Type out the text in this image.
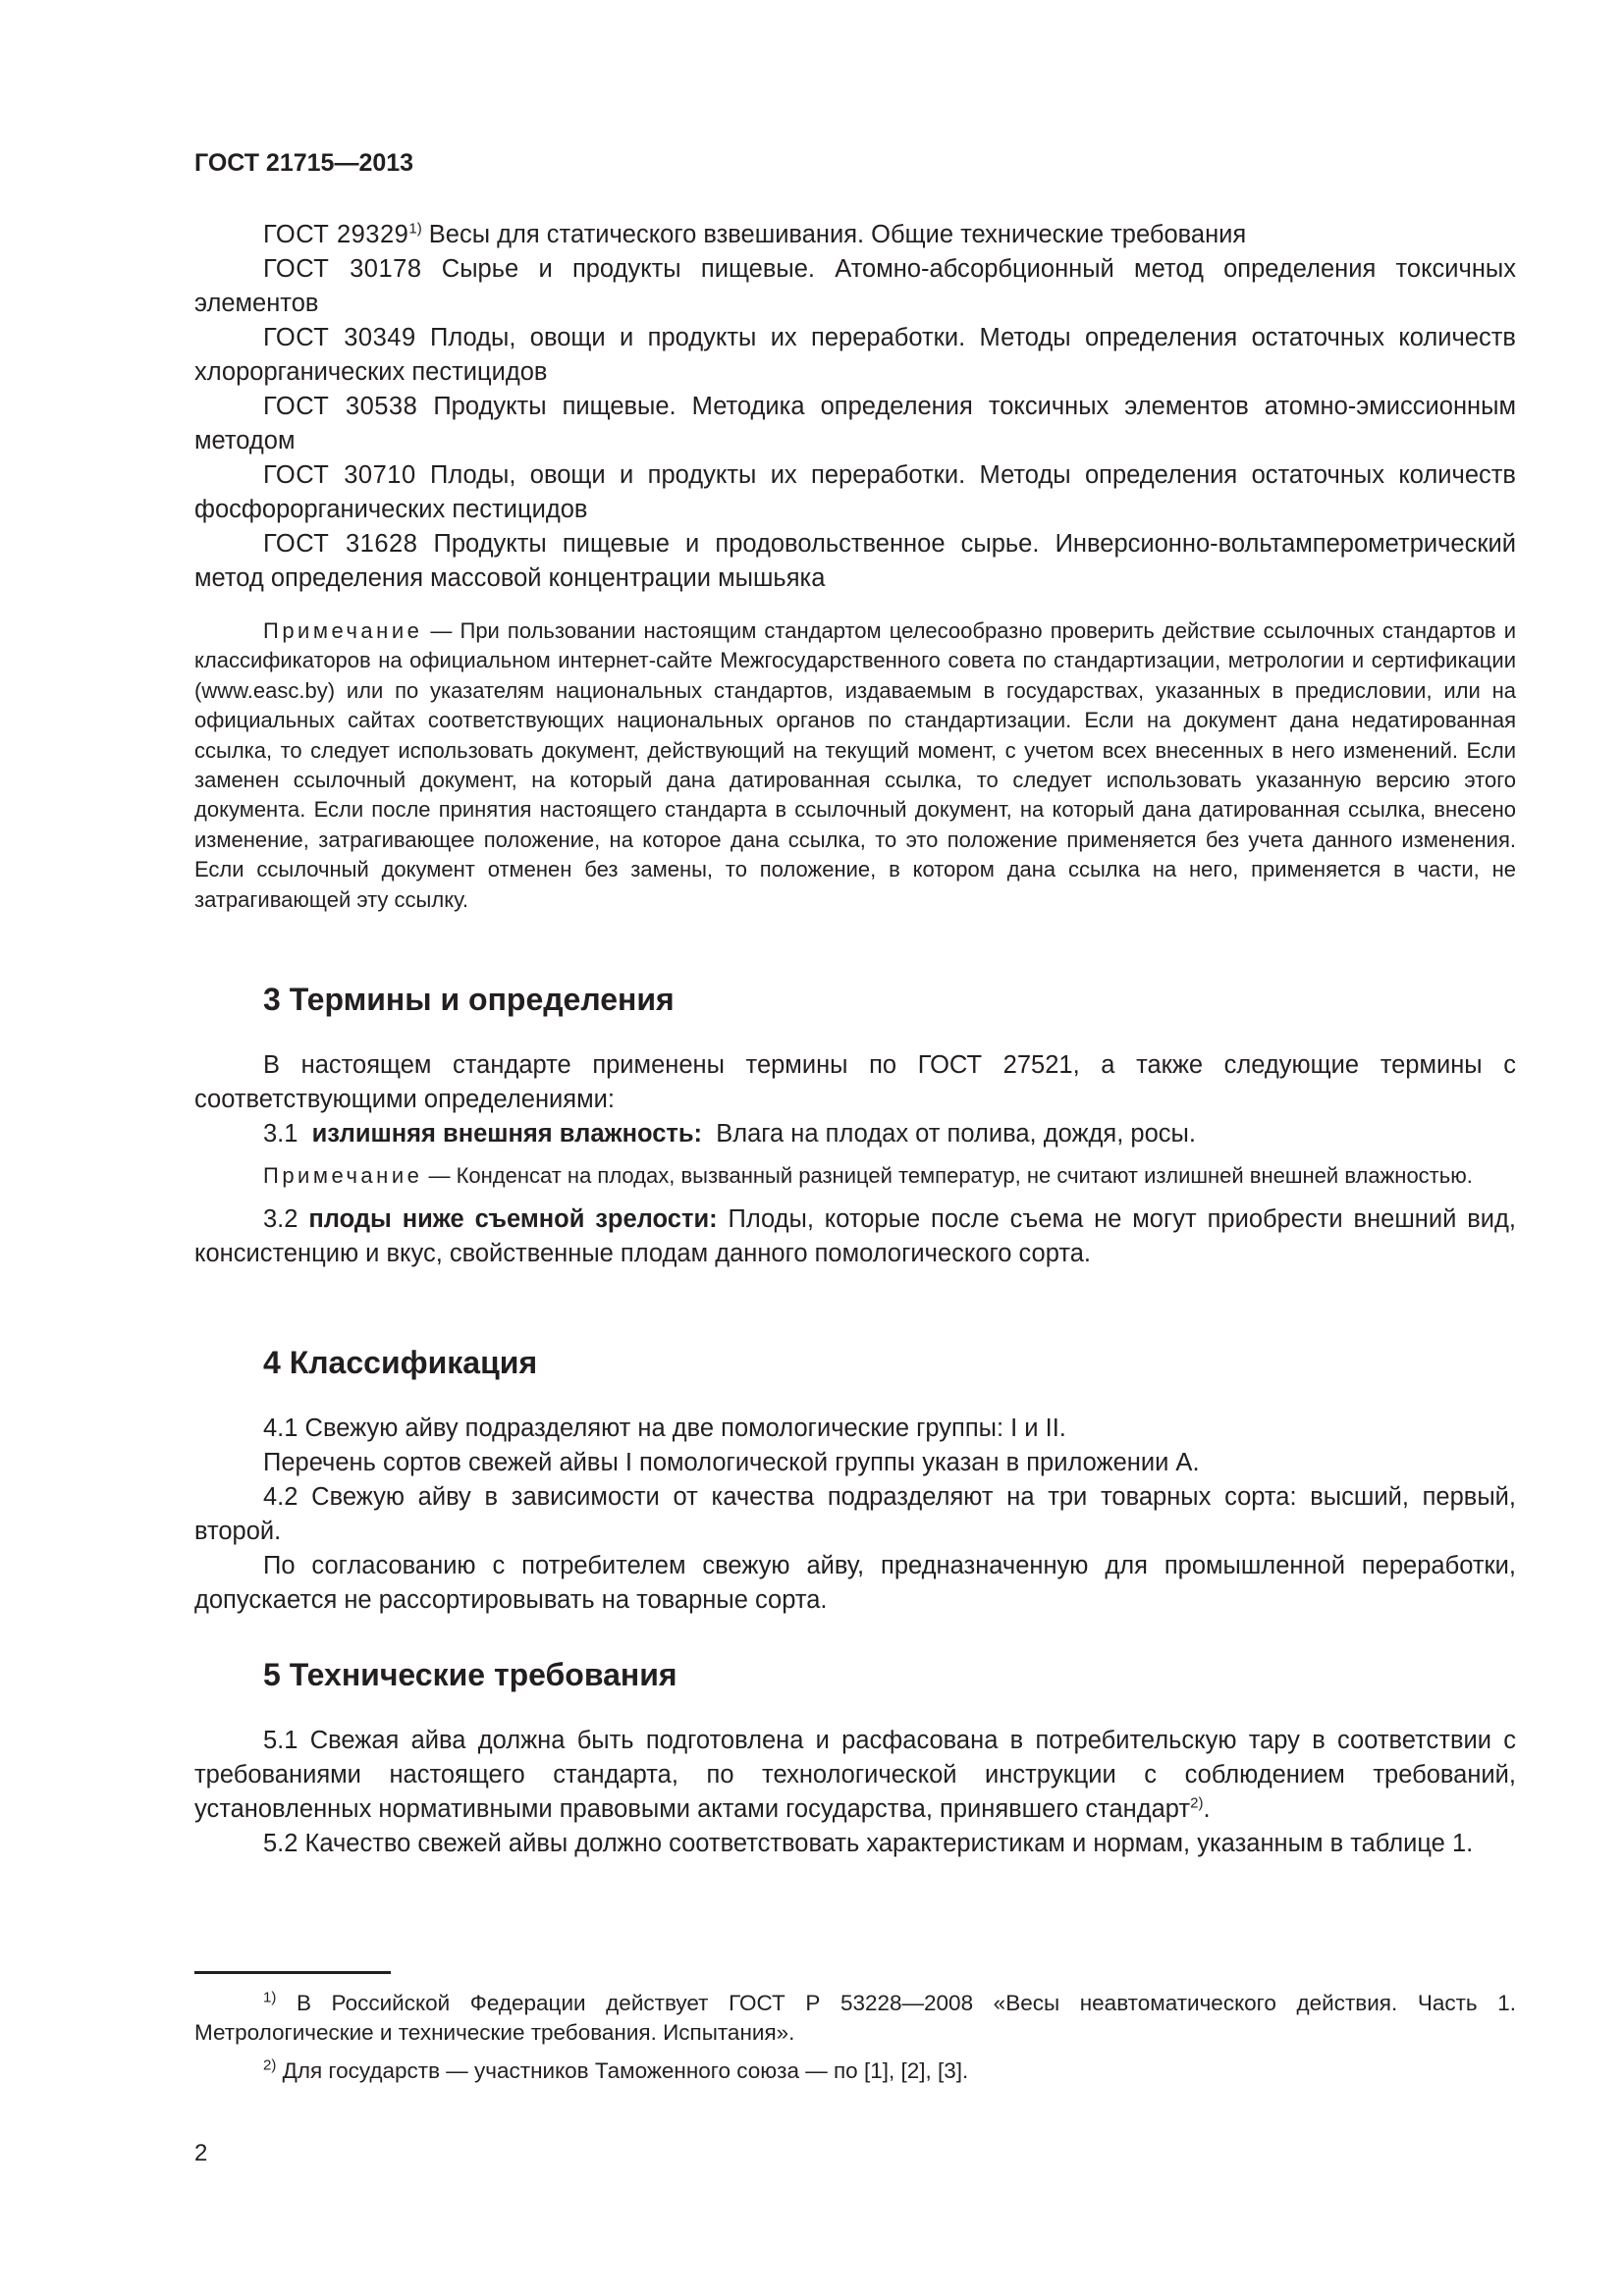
ГОСТ 21715—2013

ГОСТ 29329$^{1)}$ Весы для статического взвешивания. Общие технические требования

ГОСТ 30178 Сырье и продукты пищевые. Атомно-абсорбционный метод определения токсичных элементов

ГОСТ 30349 Плоды, овощи и продукты их переработки. Методы определения остаточных количеств хлорорганических пестицидов

ГОСТ 30538 Продукты пищевые. Методика определения токсичных элементов атомно-эмиссионным методом

ГОСТ 30710 Плоды, овощи и продукты их переработки. Методы определения остаточных количеств фосфорорганических пестицидов

ГОСТ 31628 Продукты пищевые и продовольственное сырье. Инверсионно-вольтамперометрический метод определения массовой концентрации мышьяка

Примечание — При пользовании настоящим стандартом целесообразно проверить действие ссылочных стандартов и классификаторов на официальном интернет-сайте Межгосударственного совета по стандартизации, метрологии и сертификации (www.easc.by) или по указателям национальных стандартов, издаваемым в государствах, указанных в предисловии, или на официальных сайтах соответствующих национальных органов по стандартизации. Если на документ дана недатированная ссылка, то следует использовать документ, действующий на текущий момент, с учетом всех внесенных в него изменений. Если заменен ссылочный документ, на который дана датированная ссылка, то следует использовать указанную версию этого документа. Если после принятия настоящего стандарта в ссылочный документ, на который дана датированная ссылка, внесено изменение, затрагивающее положение, на которое дана ссылка, то это положение применяется без учета данного изменения. Если ссылочный документ отменен без замены, то положение, в котором дана ссылка на него, применяется в части, не затрагивающей эту ссылку.

3 Термины и определения

В настоящем стандарте применены термины по ГОСТ 27521, а также следующие термины с соответствующими определениями:

3.1 излишняя внешняя влажность: Влага на плодах от полива, дождя, росы.

Примечание — Конденсат на плодах, вызванный разницей температур, не считают излишней внешней влажностью.

3.2 плоды ниже съемной зрелости: Плоды, которые после съема не могут приобрести внешний вид, консистенцию и вкус, свойственные плодам данного помологического сорта.

4 Классификация

4.1 Свежую айву подразделяют на две помологические группы: I и II.

Перечень сортов свежей айвы I помологической группы указан в приложении А.

4.2 Свежую айву в зависимости от качества подразделяют на три товарных сорта: высший, первый, второй.

По согласованию с потребителем свежую айву, предназначенную для промышленной переработки, допускается не рассортировывать на товарные сорта.

5 Технические требования

5.1 Свежая айва должна быть подготовлена и расфасована в потребительскую тару в соответствии с требованиями настоящего стандарта, по технологической инструкции с соблюдением требований, установленных нормативными правовыми актами государства, принявшего стандарт$^{2)}$.

5.2 Качество свежей айвы должно соответствовать характеристикам и нормам, указанным в таблице 1.

$^{1)}$ В Российской Федерации действует ГОСТ Р 53228—2008 «Весы неавтоматического действия. Часть 1. Метрологические и технические требования. Испытания».

$^{2)}$ Для государств — участников Таможенного союза — по [1], [2], [3].

2
